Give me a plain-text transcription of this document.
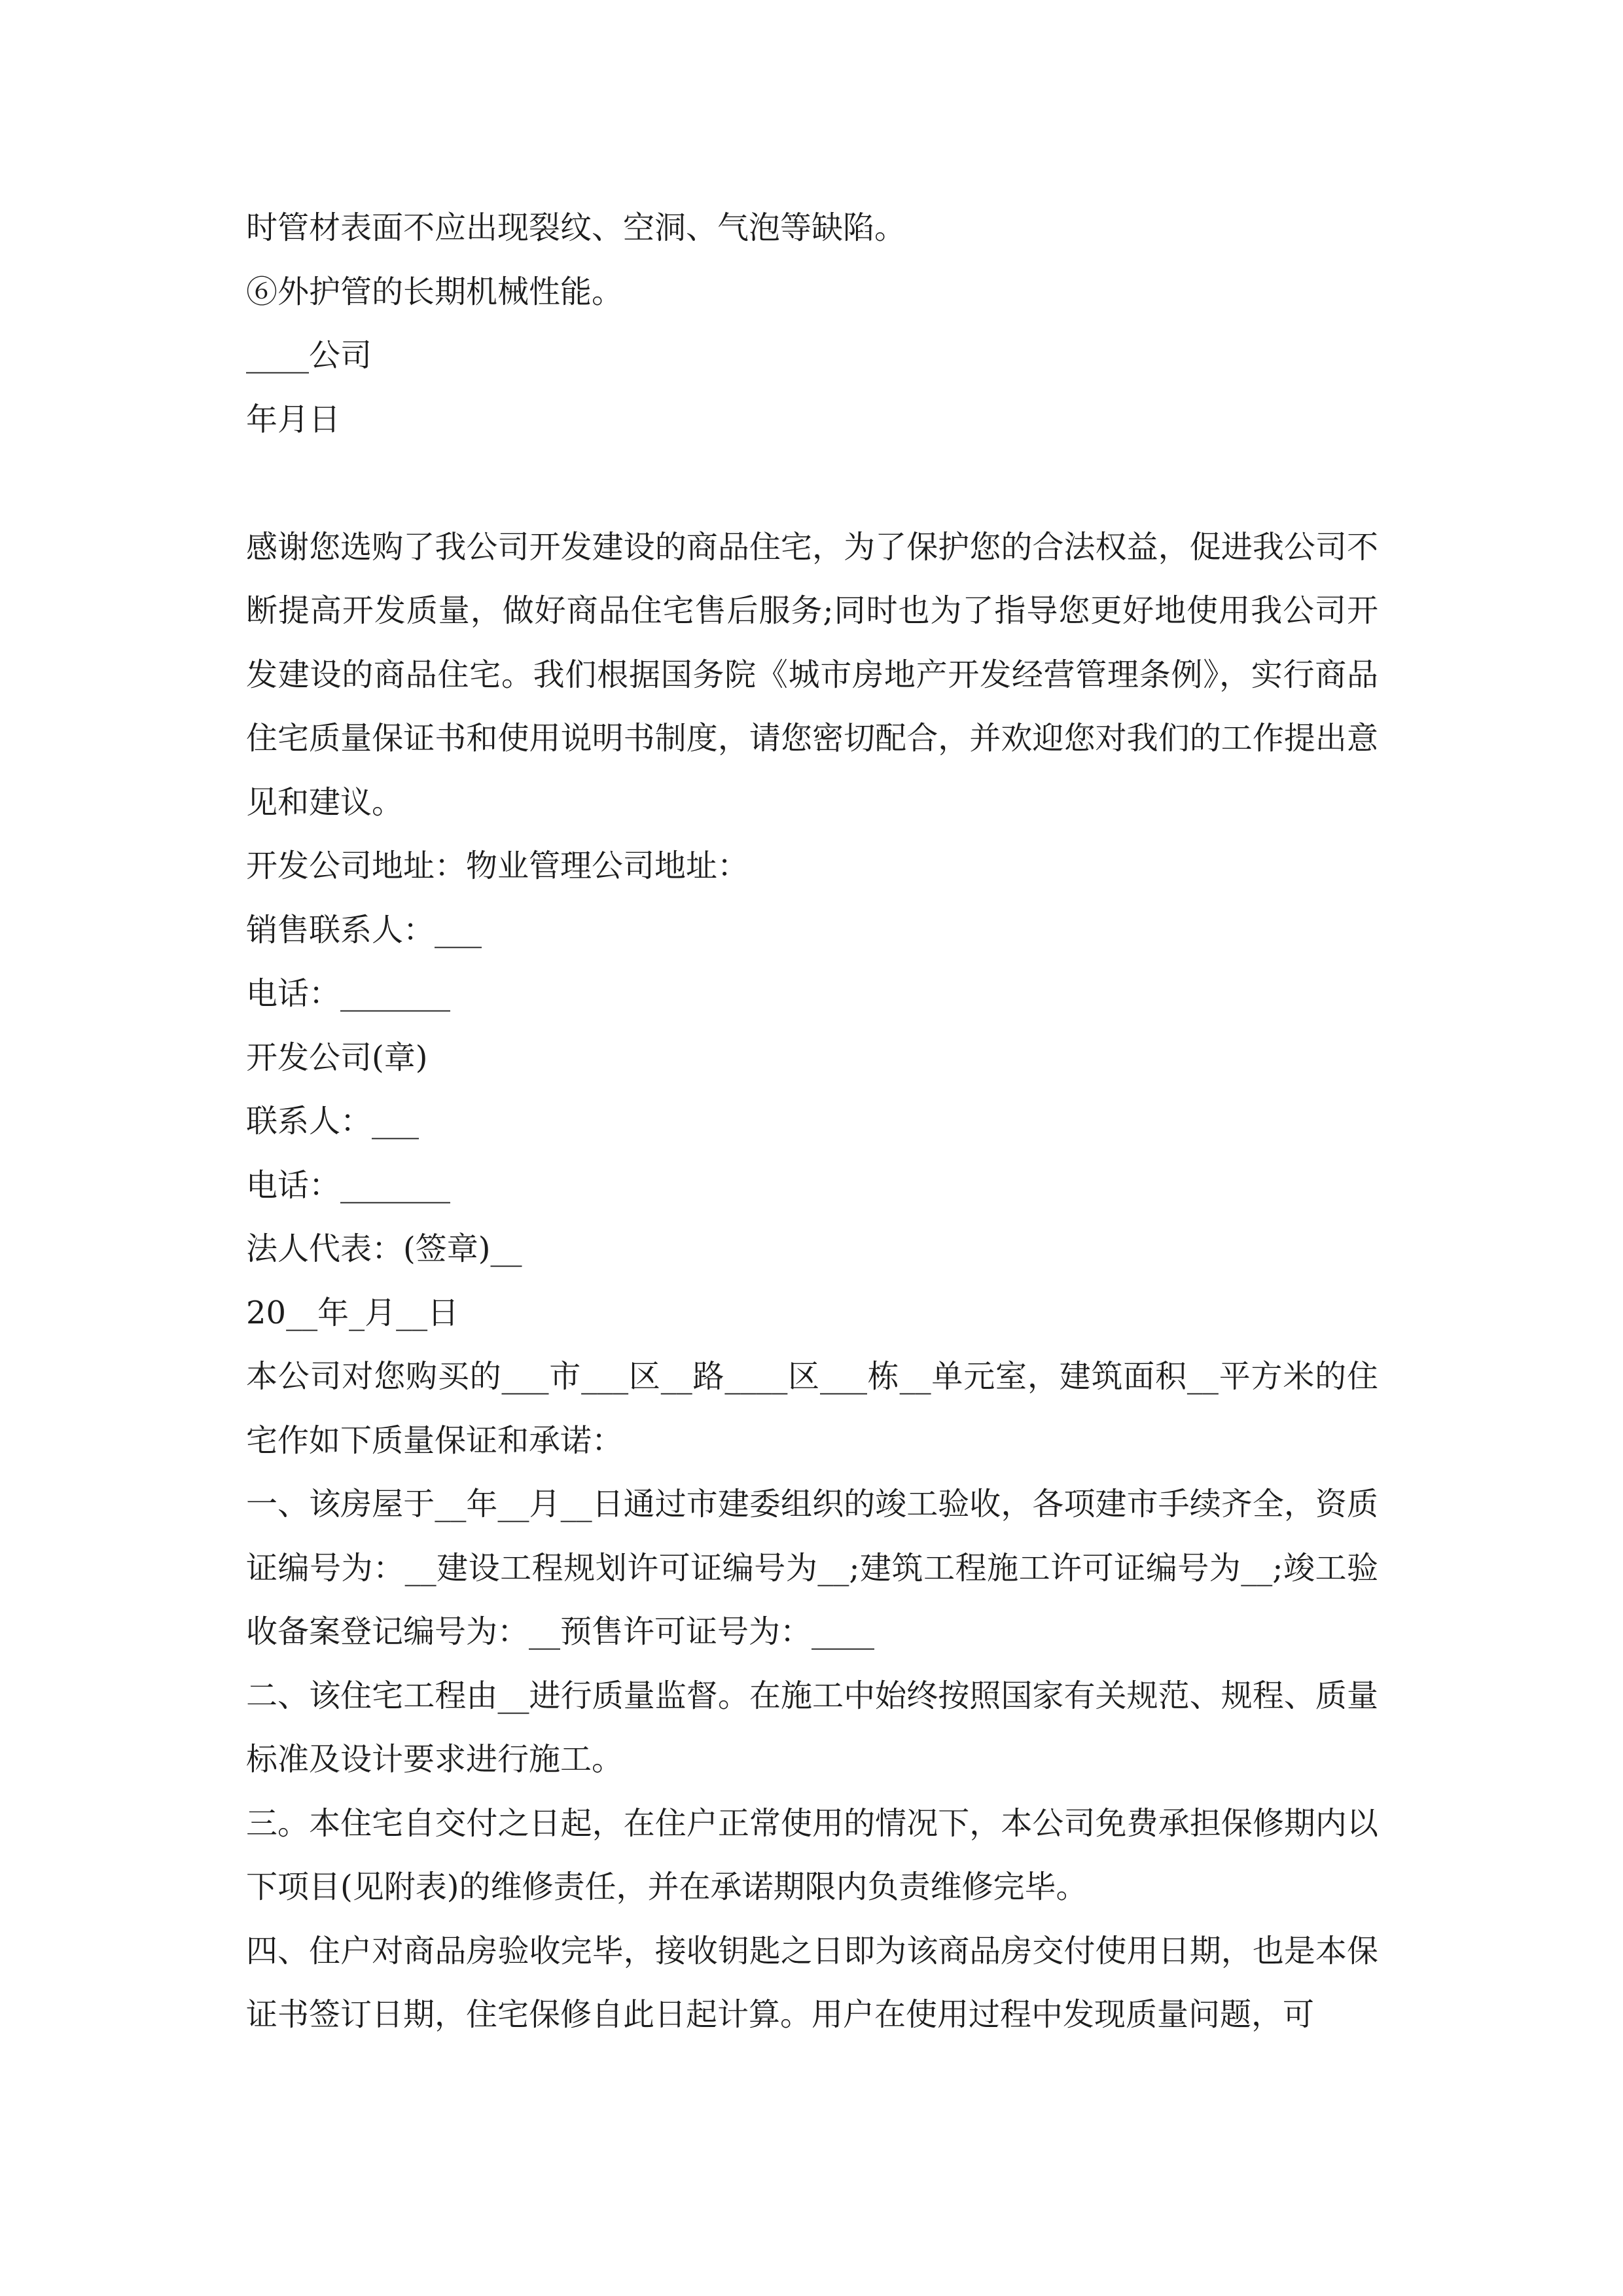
时管材表面不应出现裂纹、空洞、气泡等缺陷。
⑥外护管的长期机械性能。
____公司
年月日
感谢您选购了我公司开发建设的商品住宅，为了保护您的合法权益，促进我公司不断提高开发质量，做好商品住宅售后服务;同时也为了指导您更好地使用我公司开发建设的商品住宅。我们根据国务院《城市房地产开发经营管理条例》，实行商品住宅质量保证书和使用说明书制度，请您密切配合，并欢迎您对我们的工作提出意见和建议。
开发公司地址：物业管理公司地址：
销售联系人：___
电话：_______
开发公司(章)
联系人：___
电话：_______
法人代表：(签章)__
20__年_月__日
本公司对您购买的___市___区__路____区___栋__单元室，建筑面积__平方米的住宅作如下质量保证和承诺：
一、该房屋于__年__月__日通过市建委组织的竣工验收，各项建市手续齐全，资质证编号为：__建设工程规划许可证编号为__;建筑工程施工许可证编号为__;竣工验收备案登记编号为：__预售许可证号为：____
二、该住宅工程由__进行质量监督。在施工中始终按照国家有关规范、规程、质量标准及设计要求进行施工。
三。本住宅自交付之日起，在住户正常使用的情况下，本公司免费承担保修期内以下项目(见附表)的维修责任，并在承诺期限内负责维修完毕。
四、住户对商品房验收完毕，接收钥匙之日即为该商品房交付使用日期，也是本保证书签订日期，住宅保修自此日起计算。用户在使用过程中发现质量问题，可
